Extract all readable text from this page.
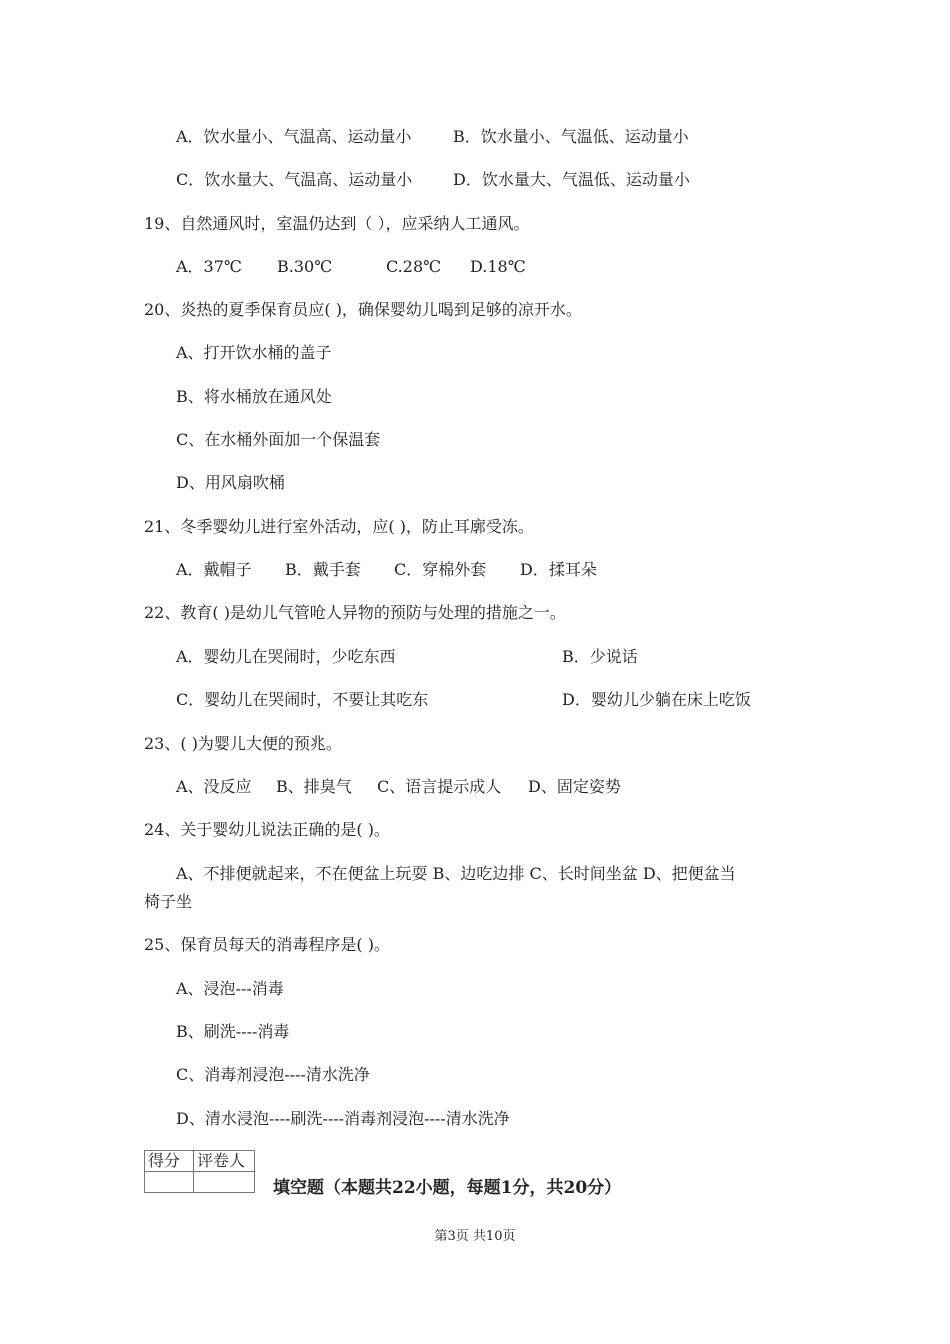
A．饮水量小、气温高、运动量小	B．饮水量小、气温低、运动量小
C．饮水量大、气温高、运动量小	D．饮水量大、气温低、运动量小
19、自然通风时，室温仍达到（ ），应采纳人工通风。
A．37℃ B.30℃	C.28℃ D.18℃
20、炎热的夏季保育员应( )，确保婴幼儿喝到足够的凉开水。
A、打开饮水桶的盖子
B、将水桶放在通风处
C、在水桶外面加一个保温套
D、用风扇吹桶
21、冬季婴幼儿进行室外活动，应( )，防止耳廓受冻。
A．戴帽子 B．戴手套 C．穿棉外套 D．揉耳朵
22、教育( )是幼儿气管呛人异物的预防与处理的措施之一。
A．婴幼儿在哭闹时，少吃东西	B．少说话
C．婴幼儿在哭闹时，不要让其吃东	D．婴幼儿少躺在床上吃饭
23、( )为婴儿大便的预兆。
A、没反应 B、排臭气 C、语言提示成人 D、固定姿势
24、关于婴幼儿说法正确的是( )。
A、不排便就起来，不在便盆上玩耍 B、边吃边排 C、长时间坐盆 D、把便盆当
椅子坐
25、保育员每天的消毒程序是( )。
A、浸泡---消毒
B、刷洗----消毒
C、消毒剂浸泡----清水洗净
D、清水浸泡----刷洗----消毒剂浸泡----清水洗净
得分	评卷人

填空题（本题共22小题，每题1分，共20分）
第3页 共10页
